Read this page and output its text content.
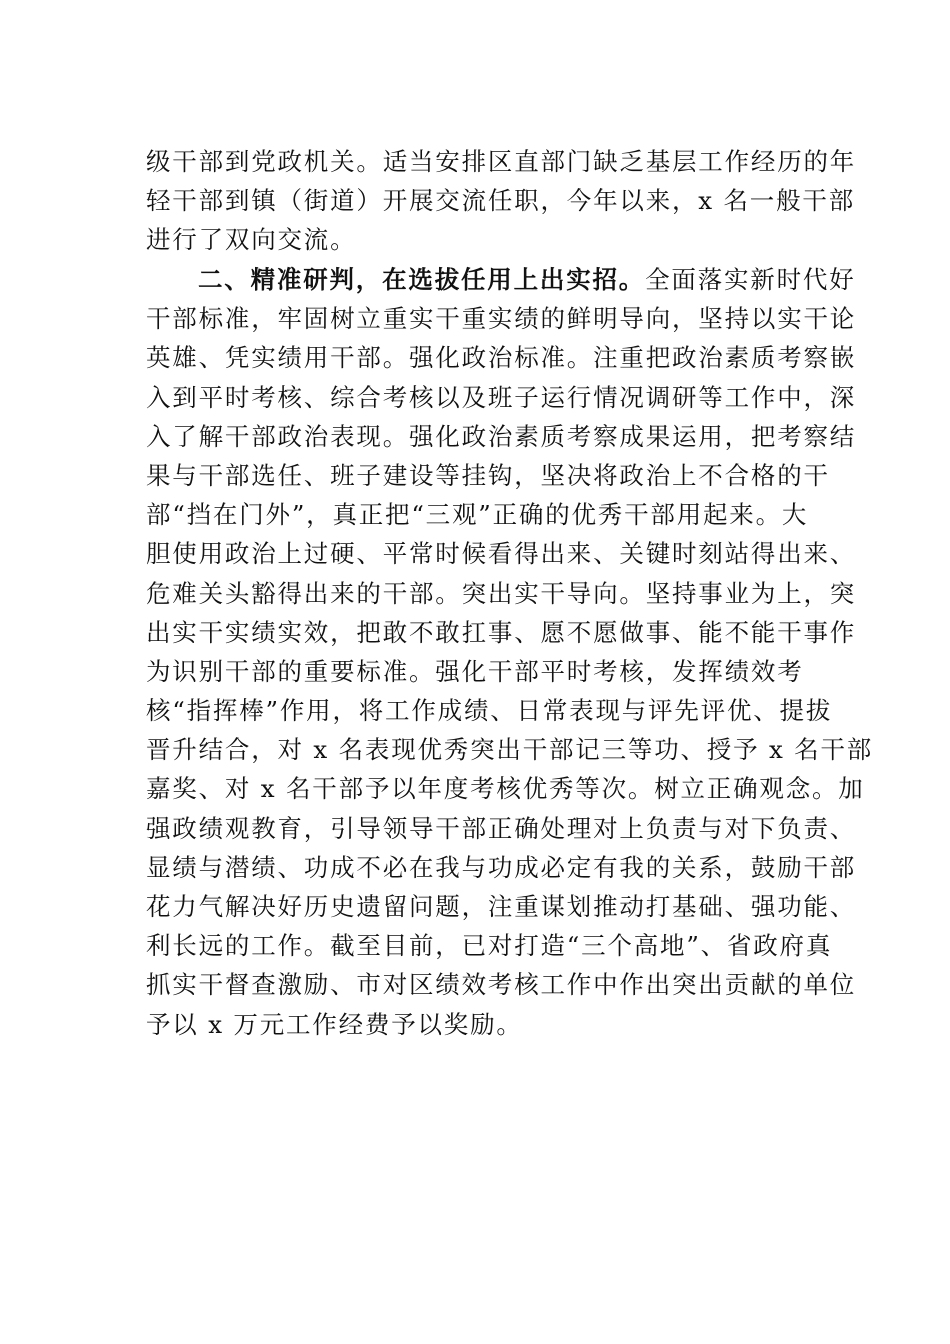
级干部到党政机关。适当安排区直部门缺乏基层工作经历的年
轻干部到镇（街道）开展交流任职，今年以来，x 名一般干部
进行了双向交流。
二、精准研判，在选拔任用上出实招。全面落实新时代好
干部标准，牢固树立重实干重实绩的鲜明导向，坚持以实干论
英雄、凭实绩用干部。强化政治标准。注重把政治素质考察嵌
入到平时考核、综合考核以及班子运行情况调研等工作中，深
入了解干部政治表现。强化政治素质考察成果运用，把考察结
果与干部选任、班子建设等挂钩，坚决将政治上不合格的干
部“挡在门外”，真正把“三观”正确的优秀干部用起来。大
胆使用政治上过硬、平常时候看得出来、关键时刻站得出来、
危难关头豁得出来的干部。突出实干导向。坚持事业为上，突
出实干实绩实效，把敢不敢扛事、愿不愿做事、能不能干事作
为识别干部的重要标准。强化干部平时考核，发挥绩效考
核“指挥棒”作用，将工作成绩、日常表现与评先评优、提拔
晋升结合，对 x 名表现优秀突出干部记三等功、授予 x 名干部
嘉奖、对 x 名干部予以年度考核优秀等次。树立正确观念。加
强政绩观教育，引导领导干部正确处理对上负责与对下负责、
显绩与潜绩、功成不必在我与功成必定有我的关系，鼓励干部
花力气解决好历史遗留问题，注重谋划推动打基础、强功能、
利长远的工作。截至目前，已对打造“三个高地”、省政府真
抓实干督查激励、市对区绩效考核工作中作出突出贡献的单位
予以 x 万元工作经费予以奖励。
